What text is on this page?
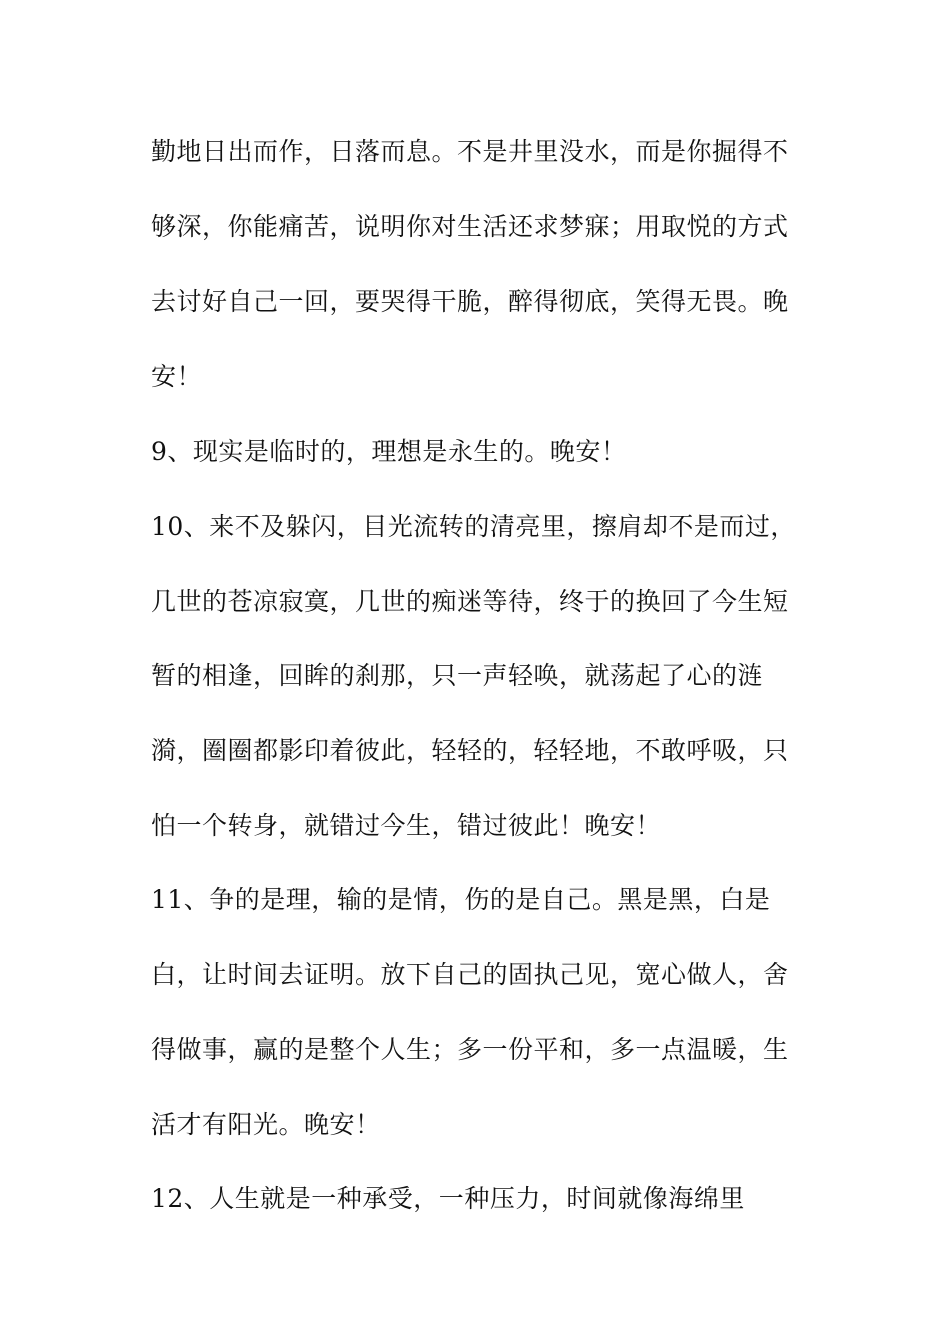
勤地日出而作，日落而息。不是井里没水，而是你掘得不
够深，你能痛苦，说明你对生活还求梦寐；用取悦的方式
去讨好自己一回，要哭得干脆，醉得彻底，笑得无畏。晚
安！
9、现实是临时的，理想是永生的。晚安！
10、来不及躲闪，目光流转的清亮里，擦肩却不是而过，
几世的苍凉寂寞，几世的痴迷等待，终于的换回了今生短
暂的相逢，回眸的刹那，只一声轻唤，就荡起了心的涟
漪，圈圈都影印着彼此，轻轻的，轻轻地，不敢呼吸，只
怕一个转身，就错过今生，错过彼此！晚安！
11、争的是理，输的是情，伤的是自己。黑是黑，白是
白，让时间去证明。放下自己的固执己见，宽心做人，舍
得做事，赢的是整个人生；多一份平和，多一点温暖，生
活才有阳光。晚安！
12、人生就是一种承受，一种压力，时间就像海绵里
